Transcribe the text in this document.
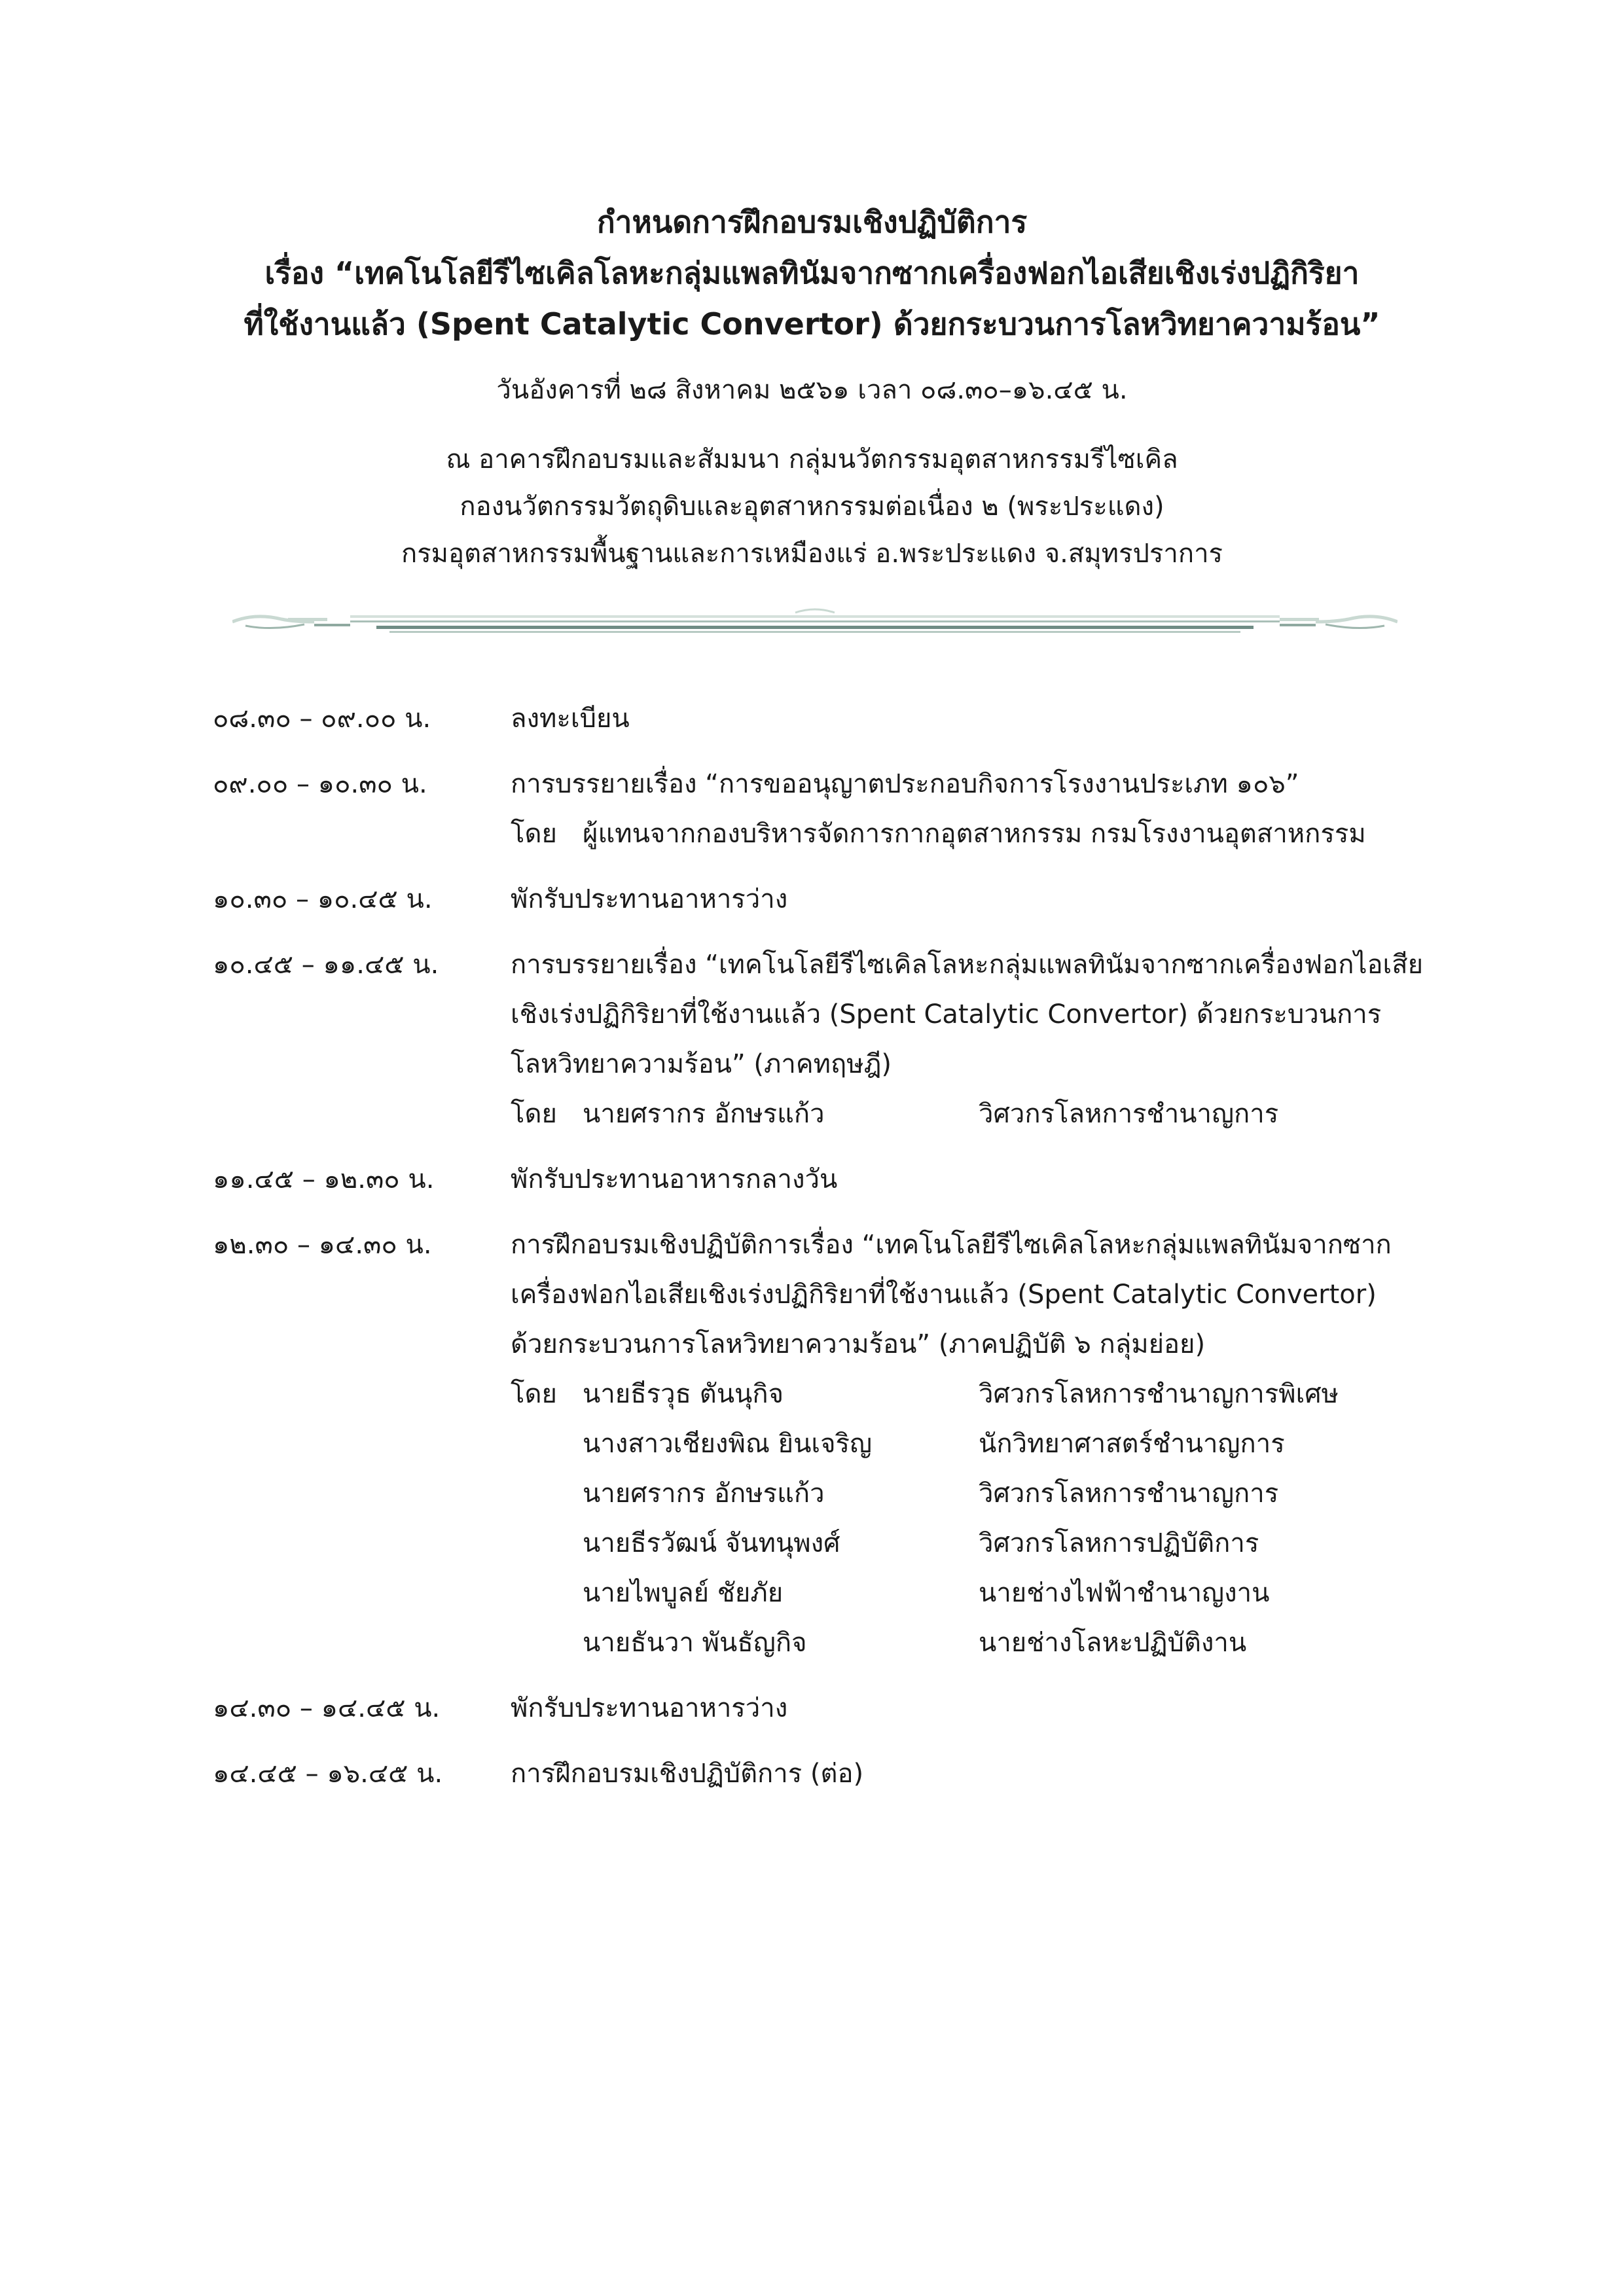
กำหนดการฝึกอบรมเชิงปฏิบัติการ
เรื่อง “เทคโนโลยีรีไซเคิลโลหะกลุ่มแพลทินัมจากซากเครื่องฟอกไอเสียเชิงเร่งปฏิกิริยา
ที่ใช้งานแล้ว (Spent Catalytic Convertor) ด้วยกระบวนการโลหวิทยาความร้อน”
วันอังคารที่ ๒๘ สิงหาคม ๒๕๖๑ เวลา ๐๘.๓๐–๑๖.๔๕ น.
ณ อาคารฝึกอบรมและสัมมนา กลุ่มนวัตกรรมอุตสาหกรรมรีไซเคิล
กองนวัตกรรมวัตถุดิบและอุตสาหกรรมต่อเนื่อง ๒ (พระประแดง)
กรมอุตสาหกรรมพื้นฐานและการเหมืองแร่ อ.พระประแดง จ.สมุทรปราการ
๐๘.๓๐ – ๐๙.๐๐ น.	ลงทะเบียน
๐๙.๐๐ – ๑๐.๓๐ น.	การบรรยายเรื่อง “การขออนุญาตประกอบกิจการโรงงานประเภท ๑๐๖”
โดย ผู้แทนจากกองบริหารจัดการกากอุตสาหกรรม กรมโรงงานอุตสาหกรรม
๑๐.๓๐ – ๑๐.๔๕ น.	พักรับประทานอาหารว่าง
๑๐.๔๕ – ๑๑.๔๕ น.	การบรรยายเรื่อง “เทคโนโลยีรีไซเคิลโลหะกลุ่มแพลทินัมจากซากเครื่องฟอกไอเสีย
เชิงเร่งปฏิกิริยาที่ใช้งานแล้ว (Spent Catalytic Convertor) ด้วยกระบวนการ
โลหวิทยาความร้อน” (ภาคทฤษฎี)
โดย นายศรากร อักษรแก้ว	วิศวกรโลหการชำนาญการ
๑๑.๔๕ – ๑๒.๓๐ น.	พักรับประทานอาหารกลางวัน
๑๒.๓๐ – ๑๔.๓๐ น.	การฝึกอบรมเชิงปฏิบัติการเรื่อง “เทคโนโลยีรีไซเคิลโลหะกลุ่มแพลทินัมจากซาก
เครื่องฟอกไอเสียเชิงเร่งปฏิกิริยาที่ใช้งานแล้ว (Spent Catalytic Convertor)
ด้วยกระบวนการโลหวิทยาความร้อน” (ภาคปฏิบัติ ๖ กลุ่มย่อย)
โดย นายธีรวุธ ตันนุกิจ	วิศวกรโลหการชำนาญการพิเศษ
นางสาวเชียงพิณ ยินเจริญ	นักวิทยาศาสตร์ชำนาญการ
นายศรากร อักษรแก้ว	วิศวกรโลหการชำนาญการ
นายธีรวัฒน์ จันทนุพงศ์	วิศวกรโลหการปฏิบัติการ
นายไพบูลย์ ชัยภัย	นายช่างไฟฟ้าชำนาญงาน
นายธันวา พันธัญกิจ	นายช่างโลหะปฏิบัติงาน
๑๔.๓๐ – ๑๔.๔๕ น.	พักรับประทานอาหารว่าง
๑๔.๔๕ – ๑๖.๔๕ น.	การฝึกอบรมเชิงปฏิบัติการ (ต่อ)
